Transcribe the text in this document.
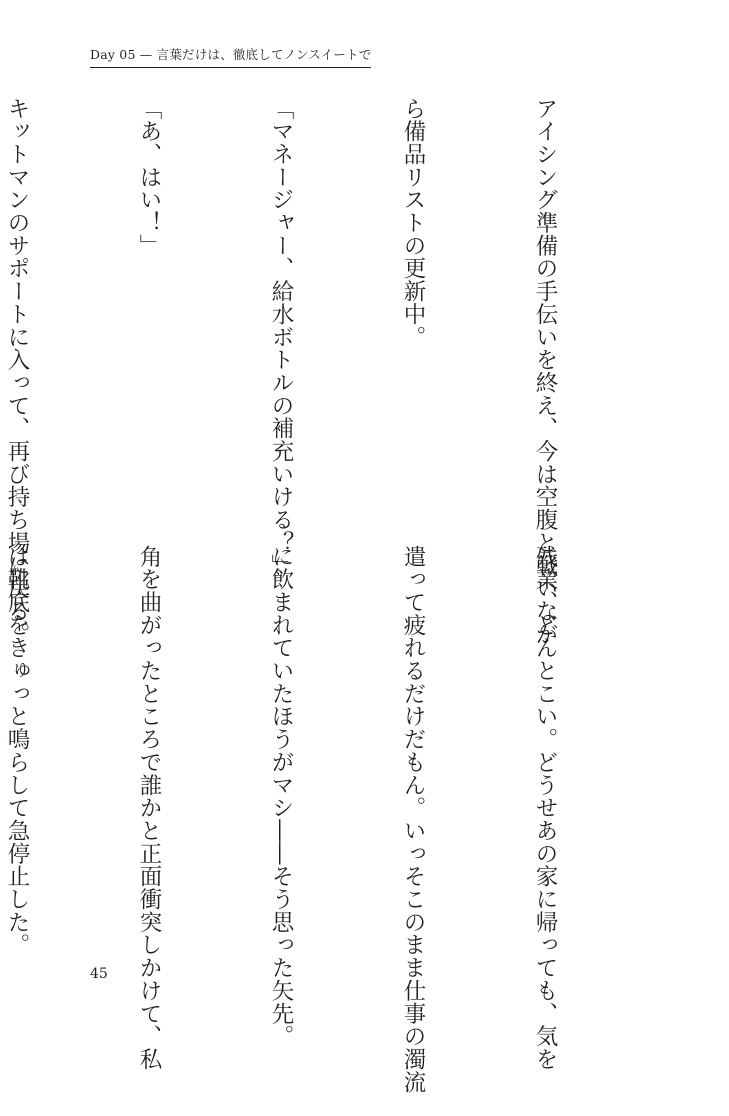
Day 05 — 言葉だけは、徹底してノンスイートで

アイシング準備の手伝いを終え、今は空腹と戦いなが

ら備品リストの更新中。

「マネージャー、給水ボトルの補充いける？」

「あ、はい！」

キットマンのサポートに入って、再び持ち場に戻る。

残業、どんとこい。どうせあの家に帰っても、気を

遣って疲れるだけだもん。いっそこのまま仕事の濁流

に飲まれていたほうがマシ――そう思った矢先。

角を曲がったところで誰かと正面衝突しかけて、私

は靴底をきゅっと鳴らして急停止した。

45
